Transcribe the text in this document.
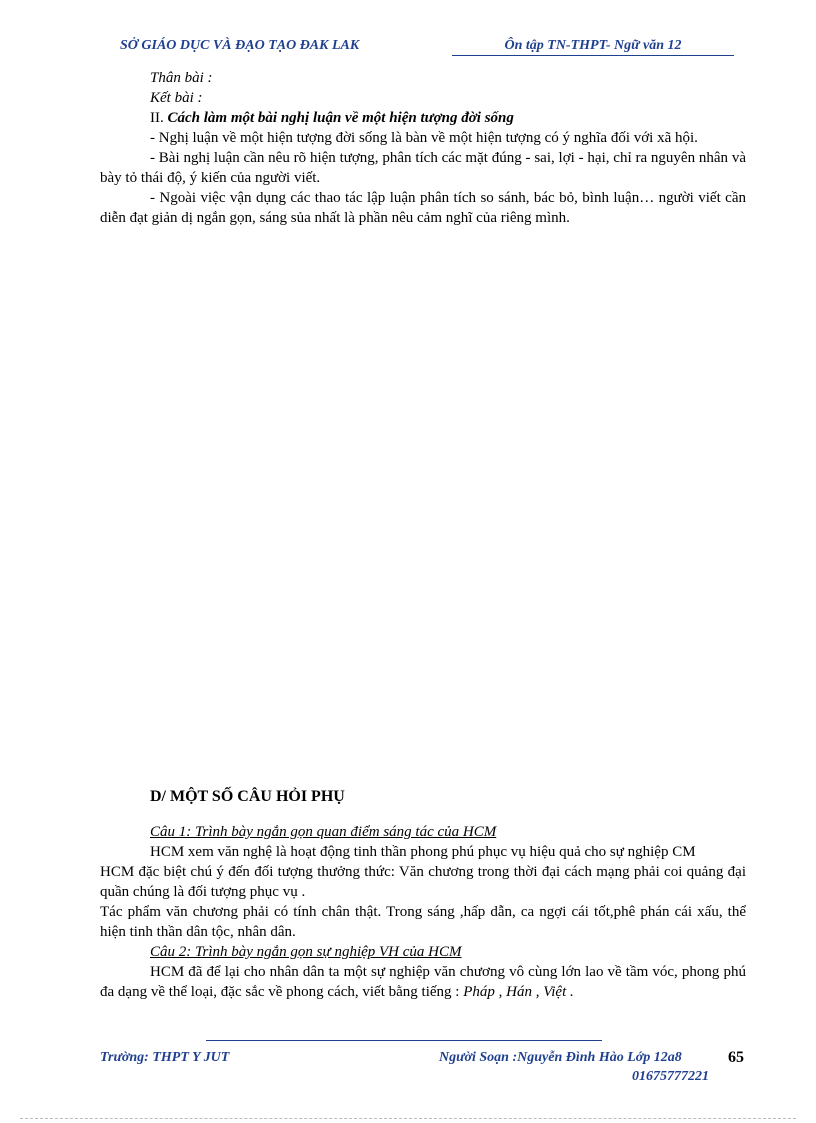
SỞ GIÁO DỤC VÀ ĐẠO TẠO ĐAK LAK	Ôn tập TN-THPT- Ngữ văn 12
Thân bài :
Kết bài :
II. Cách làm một bài nghị luận về một hiện tượng đời sống
- Nghị luận về một hiện tượng đời sống là bàn về một hiện tượng có ý nghĩa đối với xã hội.
- Bài nghị luận cần nêu rõ hiện tượng, phân tích các mặt đúng - sai, lợi - hại, chỉ ra nguyên nhân và bày tỏ thái độ, ý kiến của người viết.
- Ngoài việc vận dụng các thao tác lập luận phân tích so sánh, bác bỏ, bình luận… người viết cần diễn đạt giản dị ngắn gọn, sáng sủa nhất là phần nêu cảm nghĩ của riêng mình.
D/ MỘT SỐ CÂU HỎI PHỤ
Câu 1: Trình bày ngắn gọn quan điểm sáng tác của HCM
HCM xem văn nghệ là hoạt động tinh thần phong phú phục vụ hiệu quả cho sự nghiệp CM
HCM đặc biệt chú ý đến đối tượng thưởng thức: Văn chương trong thời đại cách mạng phải coi quảng đại quần chúng là đối tượng phục vụ .
Tác phẩm văn chương phải có tính chân thật. Trong sáng ,hấp dẫn, ca ngợi cái tốt,phê phán cái xấu, thể hiện tinh thần dân tộc, nhân dân.
Câu 2: Trình bày ngắn gọn sự nghiệp VH của HCM
HCM đã để lại cho nhân dân ta một sự nghiệp văn chương vô cùng lớn lao về tầm vóc, phong phú đa dạng về thể loại, đặc sắc về phong cách, viết bằng tiếng : Pháp , Hán , Việt .
Trường: THPT Y JUT	Người Soạn :Nguyễn Đình Hào Lớp 12a8	65
01675777221
